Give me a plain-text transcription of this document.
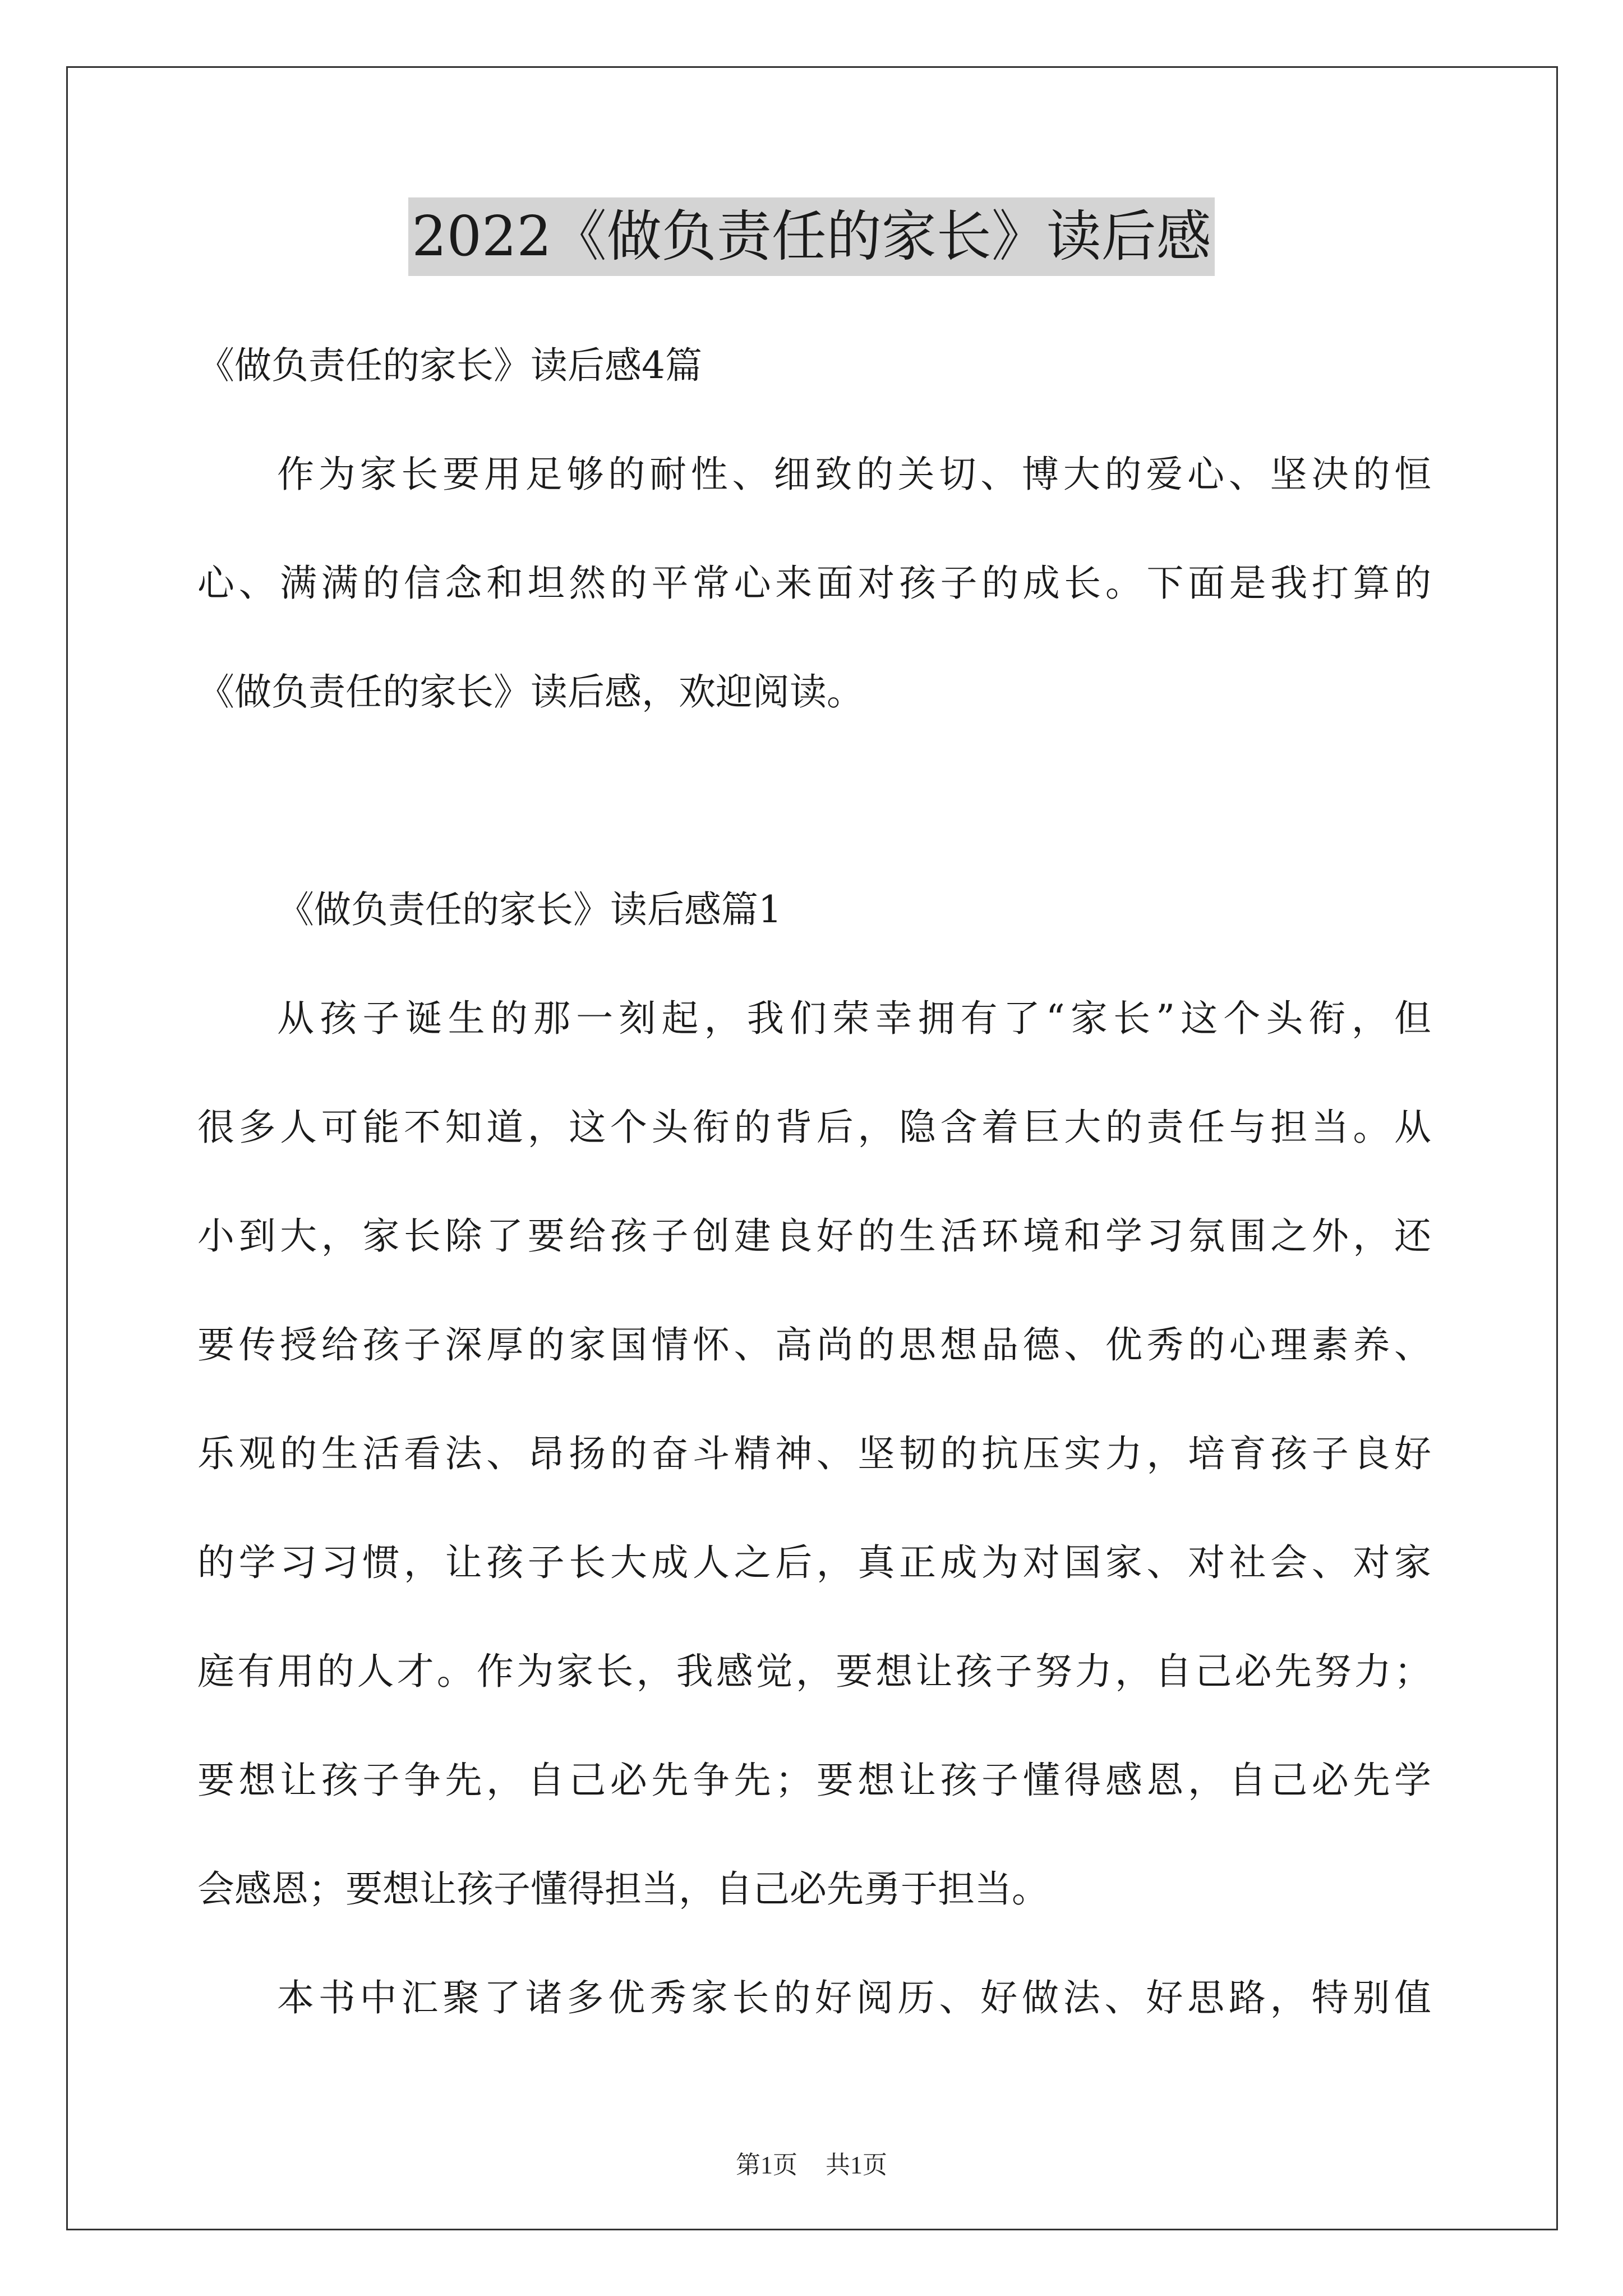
2022《做负责任的家长》读后感

《做负责任的家长》读后感4篇

作为家长要用足够的耐性、细致的关切、博大的爱心、坚决的恒

心、满满的信念和坦然的平常心来面对孩子的成长。下面是我打算的

《做负责任的家长》读后感，欢迎阅读。

《做负责任的家长》读后感篇1

从孩子诞生的那一刻起，我们荣幸拥有了“家长”这个头衔，但

很多人可能不知道，这个头衔的背后，隐含着巨大的责任与担当。从

小到大，家长除了要给孩子创建良好的生活环境和学习氛围之外，还

要传授给孩子深厚的家国情怀、高尚的思想品德、优秀的心理素养、

乐观的生活看法、昂扬的奋斗精神、坚韧的抗压实力，培育孩子良好

的学习习惯，让孩子长大成人之后，真正成为对国家、对社会、对家

庭有用的人才。作为家长，我感觉，要想让孩子努力，自己必先努力；

要想让孩子争先，自己必先争先；要想让孩子懂得感恩，自己必先学

会感恩；要想让孩子懂得担当，自己必先勇于担当。

本书中汇聚了诸多优秀家长的好阅历、好做法、好思路，特别值

第1页 共1页
